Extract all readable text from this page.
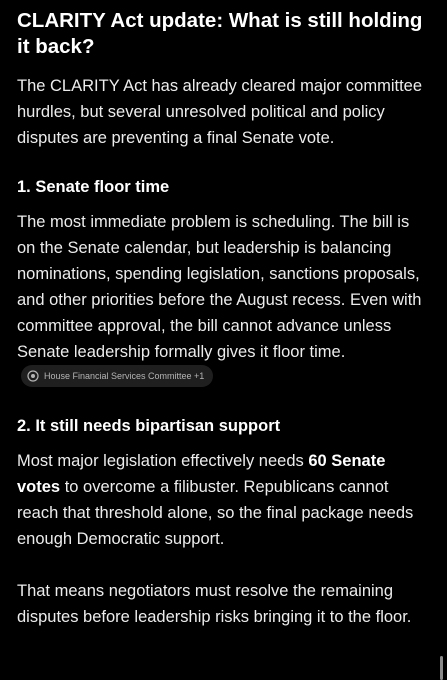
CLARITY Act update: What is still holding it back?

The CLARITY Act has already cleared major committee hurdles, but several unresolved political and policy disputes are preventing a final Senate vote.

1. Senate floor time

The most immediate problem is scheduling. The bill is on the Senate calendar, but leadership is balancing nominations, spending legislation, sanctions proposals, and other priorities before the August recess. Even with committee approval, the bill cannot advance unless Senate leadership formally gives it floor time.
House Financial Services Committee +1

2. It still needs bipartisan support

Most major legislation effectively needs 60 Senate votes to overcome a filibuster. Republicans cannot reach that threshold alone, so the final package needs enough Democratic support.

That means negotiators must resolve the remaining disputes before leadership risks bringing it to the floor.
